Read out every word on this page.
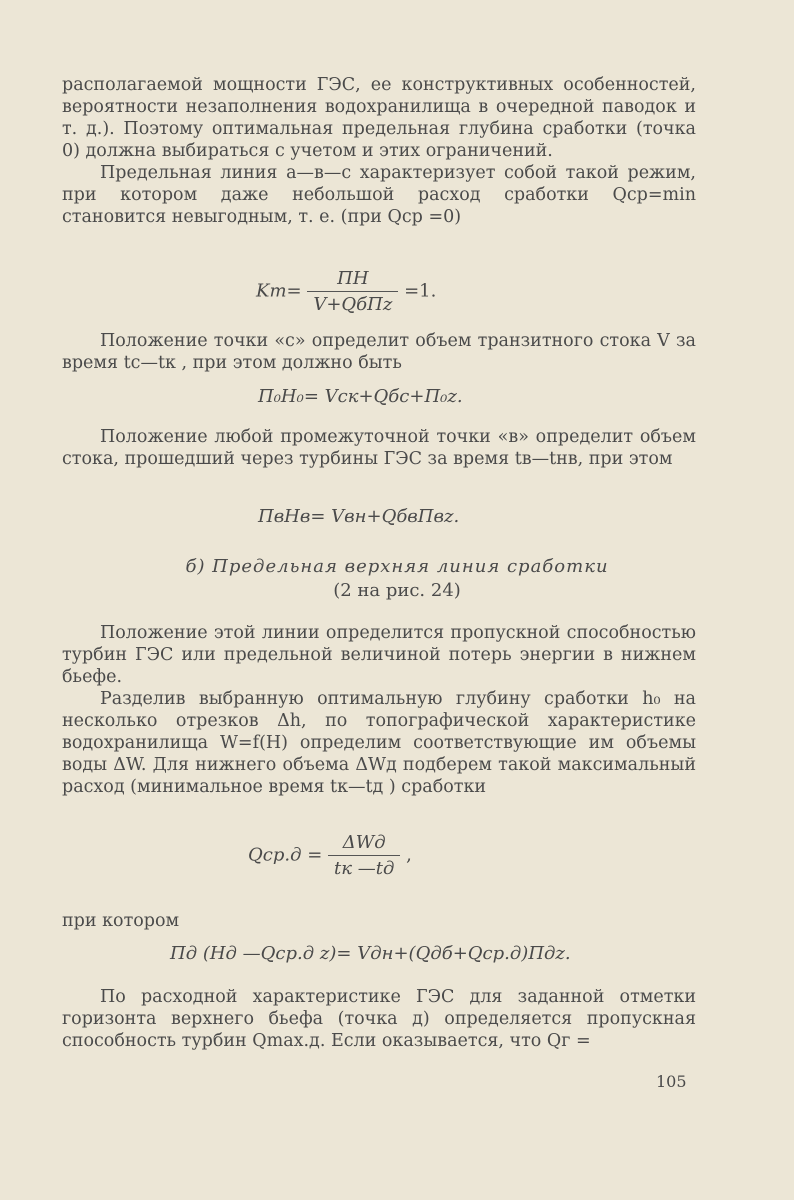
располагаемой мощности ГЭС, ее конструктивных особенностей, вероятности незаполнения водохранилища в очередной паводок и т. д.). Поэтому оптимальная предельная глубина сработки (точка 0) должна выбираться с учетом и этих ограничений.

Предельная линия а—в—с характеризует собой такой режим, при котором даже небольшой расход сработки Qср=min становится невыгодным, т. е. (при Qср =0)

$Kт= \frac{ПН}{\text{V+QбПz}} =1$.

Положение точки «с» определит объем транзитного стока V за время tс—tк , при этом должно быть

П₀Н₀= Vск+Qбс+П₀z.

Положение любой промежуточной точки «в» определит объем стока, прошедший через турбины ГЭС за время tв—tнв, при этом

ПвНв= Vвн+QбвПвz.
б) Предельная верхняя линия сработки
(2 на рис. 24)

Положение этой линии определится пропускной способностью турбин ГЭС или предельной величиной потерь энергии в нижнем бьефе.

Разделив выбранную оптимальную глубину сработки h₀ на несколько отрезков Δh, по топографической характеристике водохранилища W=f(H) определим соответствующие им объемы воды ΔW. Для нижнего объема ΔWд подберем такой максимальный расход (минимальное время tк—tд ) сработки

$Qср.д = \frac{\text{ΔWд}}{tк —tд}$ ,

при котором

Пд (Нд —Qср.д z)= Vдн+(Qдб+Qср.д)Пдz.

По расходной характеристике ГЭС для заданной отметки горизонта верхнего бьефа (точка д) определяется пропускная способность турбин Qmax.д. Если оказывается, что Qг =

105
